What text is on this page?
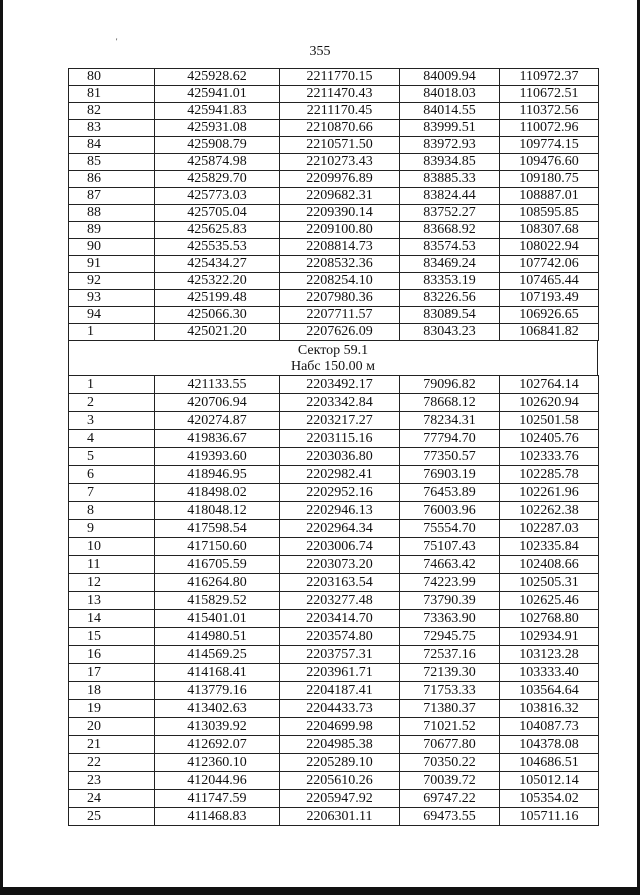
'
355
80	425928.62	2211770.15	84009.94	110972.37
81	425941.01	2211470.43	84018.03	110672.51
82	425941.83	2211170.45	84014.55	110372.56
83	425931.08	2210870.66	83999.51	110072.96
84	425908.79	2210571.50	83972.93	109774.15
85	425874.98	2210273.43	83934.85	109476.60
86	425829.70	2209976.89	83885.33	109180.75
87	425773.03	2209682.31	83824.44	108887.01
88	425705.04	2209390.14	83752.27	108595.85
89	425625.83	2209100.80	83668.92	108307.68
90	425535.53	2208814.73	83574.53	108022.94
91	425434.27	2208532.36	83469.24	107742.06
92	425322.20	2208254.10	83353.19	107465.44
93	425199.48	2207980.36	83226.56	107193.49
94	425066.30	2207711.57	83089.54	106926.65
1	425021.20	2207626.09	83043.23	106841.82
Сектор 59.1
Набс 150.00 м
1	421133.55	2203492.17	79096.82	102764.14
2	420706.94	2203342.84	78668.12	102620.94
3	420274.87	2203217.27	78234.31	102501.58
4	419836.67	2203115.16	77794.70	102405.76
5	419393.60	2203036.80	77350.57	102333.76
6	418946.95	2202982.41	76903.19	102285.78
7	418498.02	2202952.16	76453.89	102261.96
8	418048.12	2202946.13	76003.96	102262.38
9	417598.54	2202964.34	75554.70	102287.03
10	417150.60	2203006.74	75107.43	102335.84
11	416705.59	2203073.20	74663.42	102408.66
12	416264.80	2203163.54	74223.99	102505.31
13	415829.52	2203277.48	73790.39	102625.46
14	415401.01	2203414.70	73363.90	102768.80
15	414980.51	2203574.80	72945.75	102934.91
16	414569.25	2203757.31	72537.16	103123.28
17	414168.41	2203961.71	72139.30	103333.40
18	413779.16	2204187.41	71753.33	103564.64
19	413402.63	2204433.73	71380.37	103816.32
20	413039.92	2204699.98	71021.52	104087.73
21	412692.07	2204985.38	70677.80	104378.08
22	412360.10	2205289.10	70350.22	104686.51
23	412044.96	2205610.26	70039.72	105012.14
24	411747.59	2205947.92	69747.22	105354.02
25	411468.83	2206301.11	69473.55	105711.16
